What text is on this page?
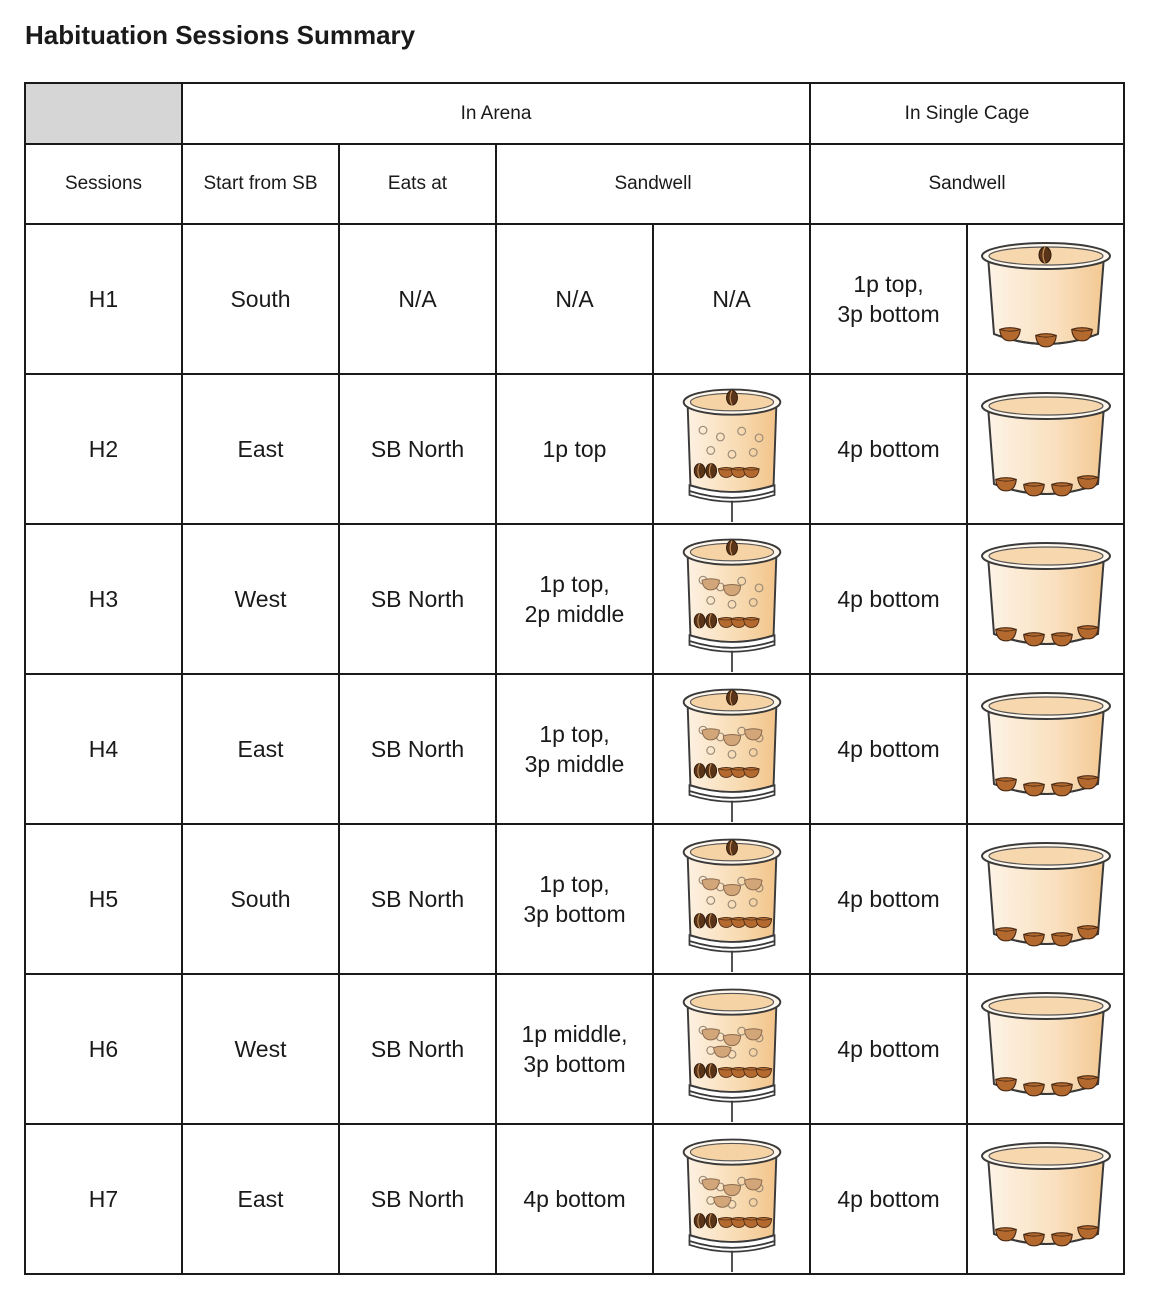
Habituation Sessions Summary
	In Arena				In Single Cage	
Sessions	Start from SB	Eats at	Sandwell		Sandwell	
H1	South	N/A	N/A	N/A	1p top,
3p bottom

H2	East	SB North	1p top		4p bottom

H3	West	SB North	1p top,
2p middle		4p bottom

H4	East	SB North	1p top,
3p middle		4p bottom

H5	South	SB North	1p top,
3p bottom		4p bottom

H6	West	SB North	1p middle,
3p bottom		4p bottom

H7	East	SB North	4p bottom		4p bottom
